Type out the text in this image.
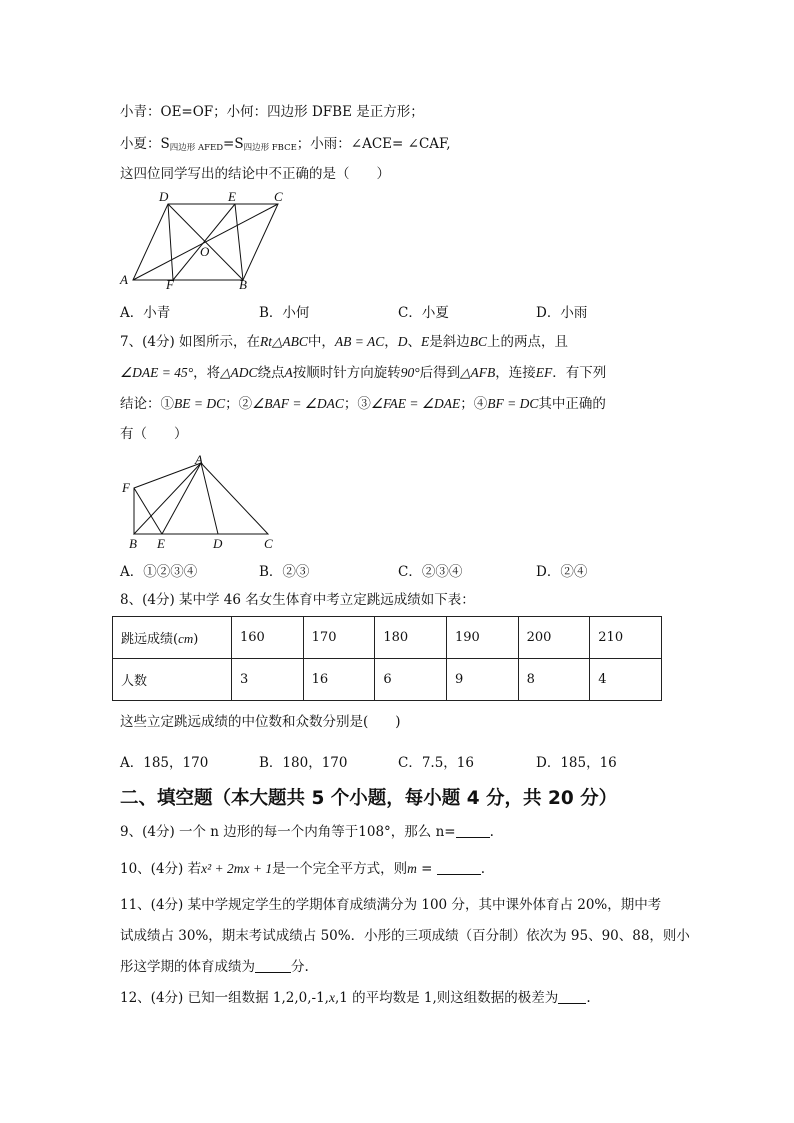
小青：OE=OF；小何：四边形 DFBE 是正方形；
小夏：$S_{四边形 AFED}=S_{四边形 FBCE}$；小雨：∠ACE= ∠CAF,
这四位同学写出的结论中不正确的是（　　）
D	E	C
O
A	F	B
A．小青	B．小何	C．小夏	D．小雨
7、(4分) 如图所示，在Rt△ABC中，AB = AC，D、E是斜边BC上的两点，且
∠DAE = 45°，将△ADC绕点A按顺时针方向旋转90°后得到△AFB，连接EF．有下列
结论：①BE = DC；②∠BAF = ∠DAC；③∠FAE = ∠DAE；④BF = DC其中正确的
有（　　）
A
F
B E	D	C
A．①②③④	B．②③	C．②③④	D．②④
8、(4分) 某中学 46 名女生体育中考立定跳远成绩如下表：
跳远成绩(cm)	160	170	180	190	200	210
人数	3	16	6	9	8	4
这些立定跳远成绩的中位数和众数分别是(　　)
A．185，170	B．180，170	C．7.5，16	D．185，16
二、填空题（本大题共 5 个小题，每小题 4 分，共 20 分）
9、(4分) 一个 n 边形的每一个内角等于108°，那么 n=	.
10、(4分) 若x² + 2mx + 1是一个完全平方式，则m =	.
11、(4分) 某中学规定学生的学期体育成绩满分为 100 分，其中课外体育占 20%，期中考
试成绩占 30%，期末考试成绩占 50%．小彤的三项成绩（百分制）依次为 95、90、88，则小
彤这学期的体育成绩为	分.
12、(4分) 已知一组数据 1,2,0,-1,x,1 的平均数是 1,则这组数据的极差为 .
